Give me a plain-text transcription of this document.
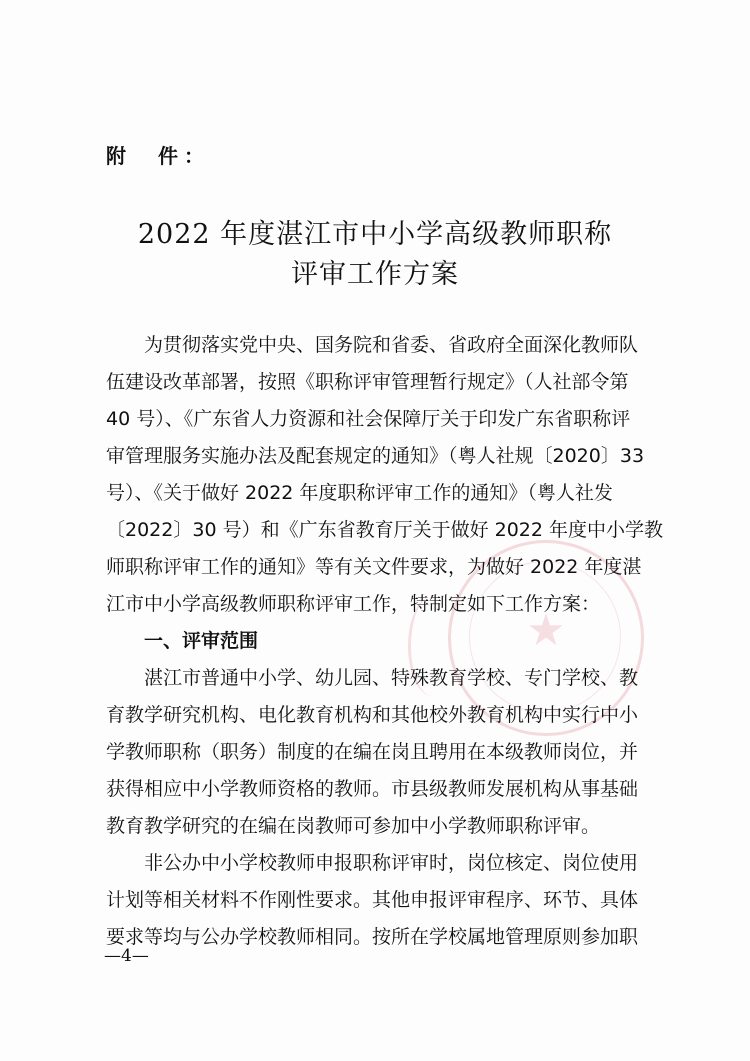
附　件：
2022 年度湛江市中小学高级教师职称
评审工作方案
★
为贯彻落实党中央、国务院和省委、省政府全面深化教师队
伍建设改革部署，按照《职称评审管理暂行规定》（人社部令第
40 号）、《广东省人力资源和社会保障厅关于印发广东省职称评
审管理服务实施办法及配套规定的通知》（粤人社规〔2020〕33
号）、《关于做好 2022 年度职称评审工作的通知》（粤人社发
〔2022〕30 号）和《广东省教育厅关于做好 2022 年度中小学教
师职称评审工作的通知》等有关文件要求，为做好 2022 年度湛
江市中小学高级教师职称评审工作，特制定如下工作方案：
一、评审范围
湛江市普通中小学、幼儿园、特殊教育学校、专门学校、教
育教学研究机构、电化教育机构和其他校外教育机构中实行中小
学教师职称（职务）制度的在编在岗且聘用在本级教师岗位，并
获得相应中小学教师资格的教师。市县级教师发展机构从事基础
教育教学研究的在编在岗教师可参加中小学教师职称评审。
非公办中小学校教师申报职称评审时，岗位核定、岗位使用
计划等相关材料不作刚性要求。其他申报评审程序、环节、具体
要求等均与公办学校教师相同。按所在学校属地管理原则参加职
—4—
